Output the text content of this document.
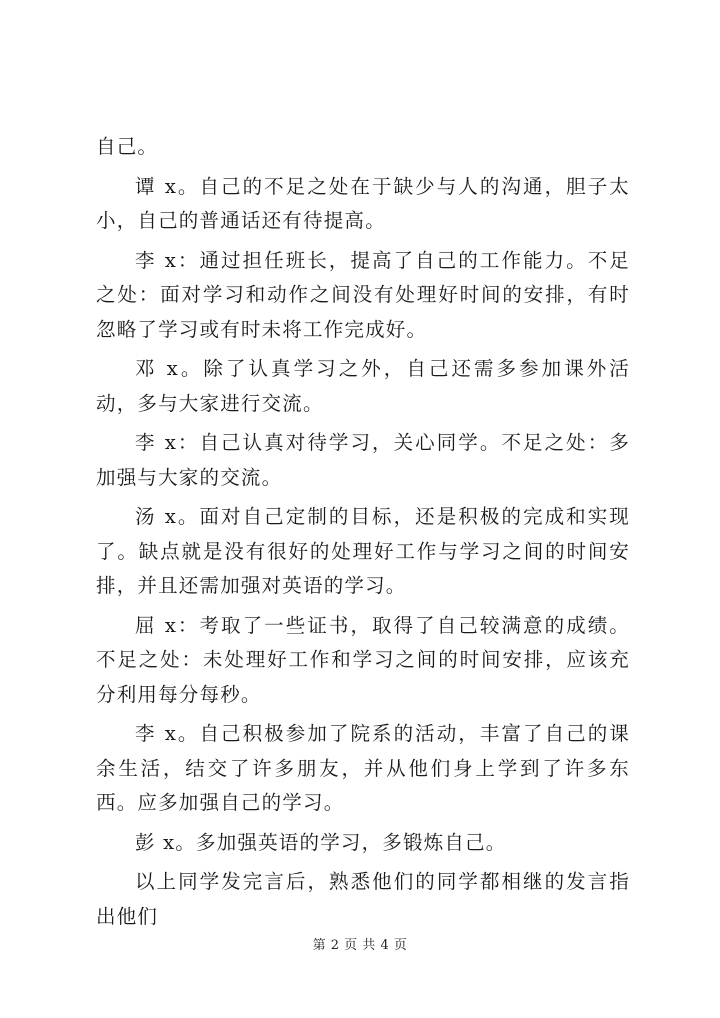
自己。

谭 x。自己的不足之处在于缺少与人的沟通，胆子太小，自己的普通话还有待提高。

李 x：通过担任班长，提高了自己的工作能力。不足之处：面对学习和动作之间没有处理好时间的安排，有时忽略了学习或有时未将工作完成好。

邓 x。除了认真学习之外，自己还需多参加课外活动，多与大家进行交流。

李 x：自己认真对待学习，关心同学。不足之处：多加强与大家的交流。

汤 x。面对自己定制的目标，还是积极的完成和实现了。缺点就是没有很好的处理好工作与学习之间的时间安排，并且还需加强对英语的学习。

屈 x：考取了一些证书，取得了自己较满意的成绩。不足之处：未处理好工作和学习之间的时间安排，应该充分利用每分每秒。

李 x。自己积极参加了院系的活动，丰富了自己的课余生活，结交了许多朋友，并从他们身上学到了许多东西。应多加强自己的学习。

彭 x。多加强英语的学习，多锻炼自己。

以上同学发完言后，熟悉他们的同学都相继的发言指出他们

第 2 页 共 4 页
